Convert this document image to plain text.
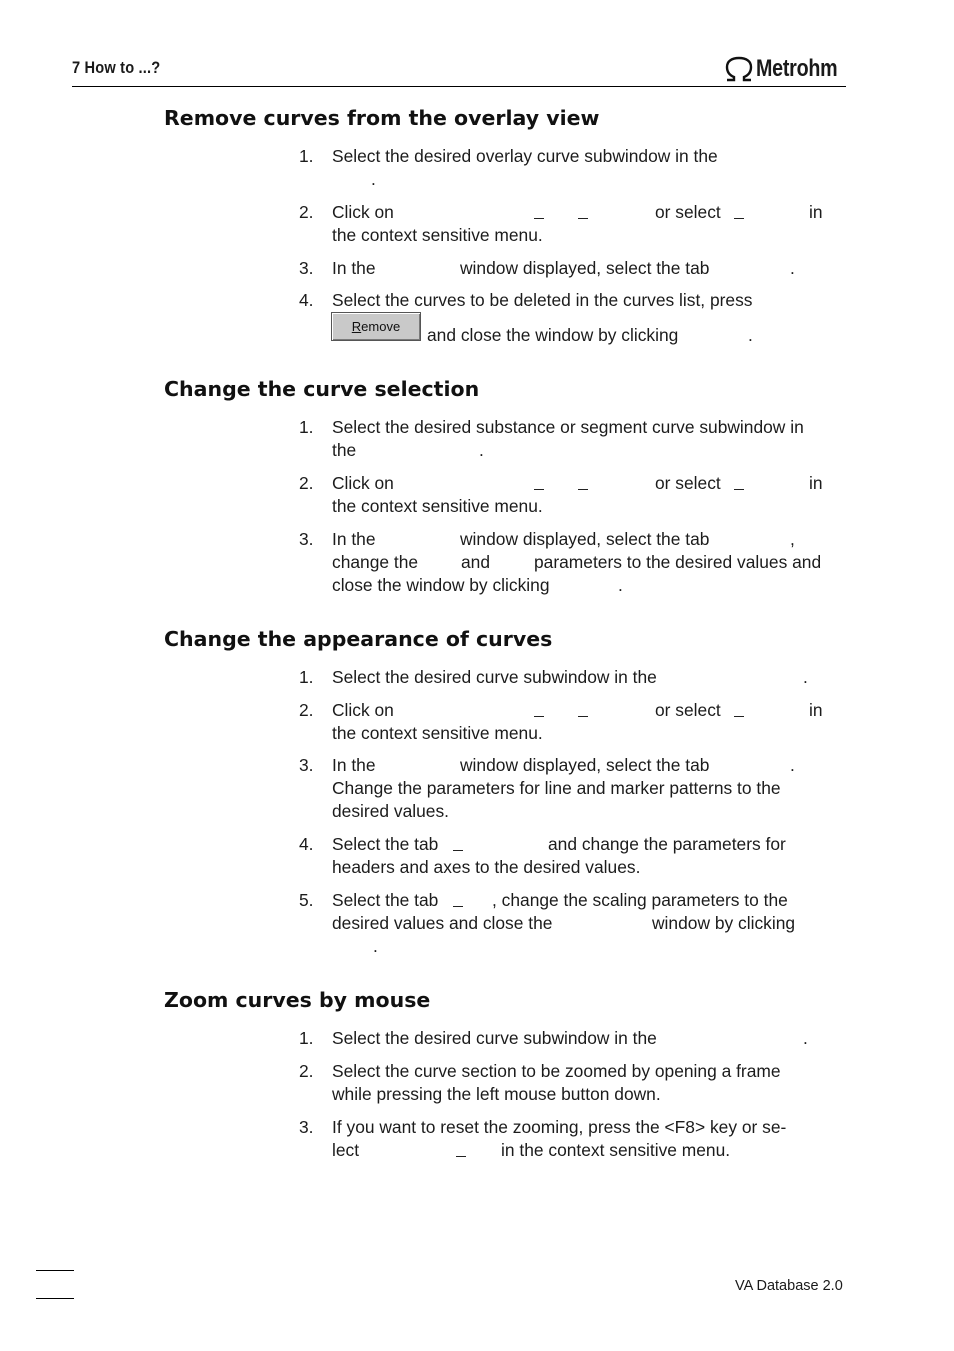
7 How to ...?	Metrohm
Remove curves from the overlay view
1. Select the desired overlay curve subwindow in the
.
2. Click on	or select	in
the context sensitive menu.
3. In the	window displayed, select the tab	.
4. Select the curves to be deleted in the curves list, press
and close the window by clicking	.
R emove
Change the curve selection
1. Select the desired substance or segment curve subwindow in
the	.
2. Click on	or select	in
the context sensitive menu.
3. In the	window displayed, select the tab	,
change the and	parameters to the desired values and
close the window by clicking	.
Change the appearance of curves
1. Select the desired curve subwindow in the	.
2. Click on	or select	in
the context sensitive menu.
3. In the	window displayed, select the tab	.
Change the parameters for line and marker patterns to the
desired values.
4. Select the tab	and change the parameters for
headers and axes to the desired values.
5. Select the tab	, change the scaling parameters to the
desired values and close the	window by clicking
.
Zoom curves by mouse
1. Select the desired curve subwindow in the	.
2. Select the curve section to be zoomed by opening a frame
while pressing the left mouse button down.
3. If you want to reset the zooming, press the <F8> key or se-
lect	in the context sensitive menu.
VA Database 2.0
